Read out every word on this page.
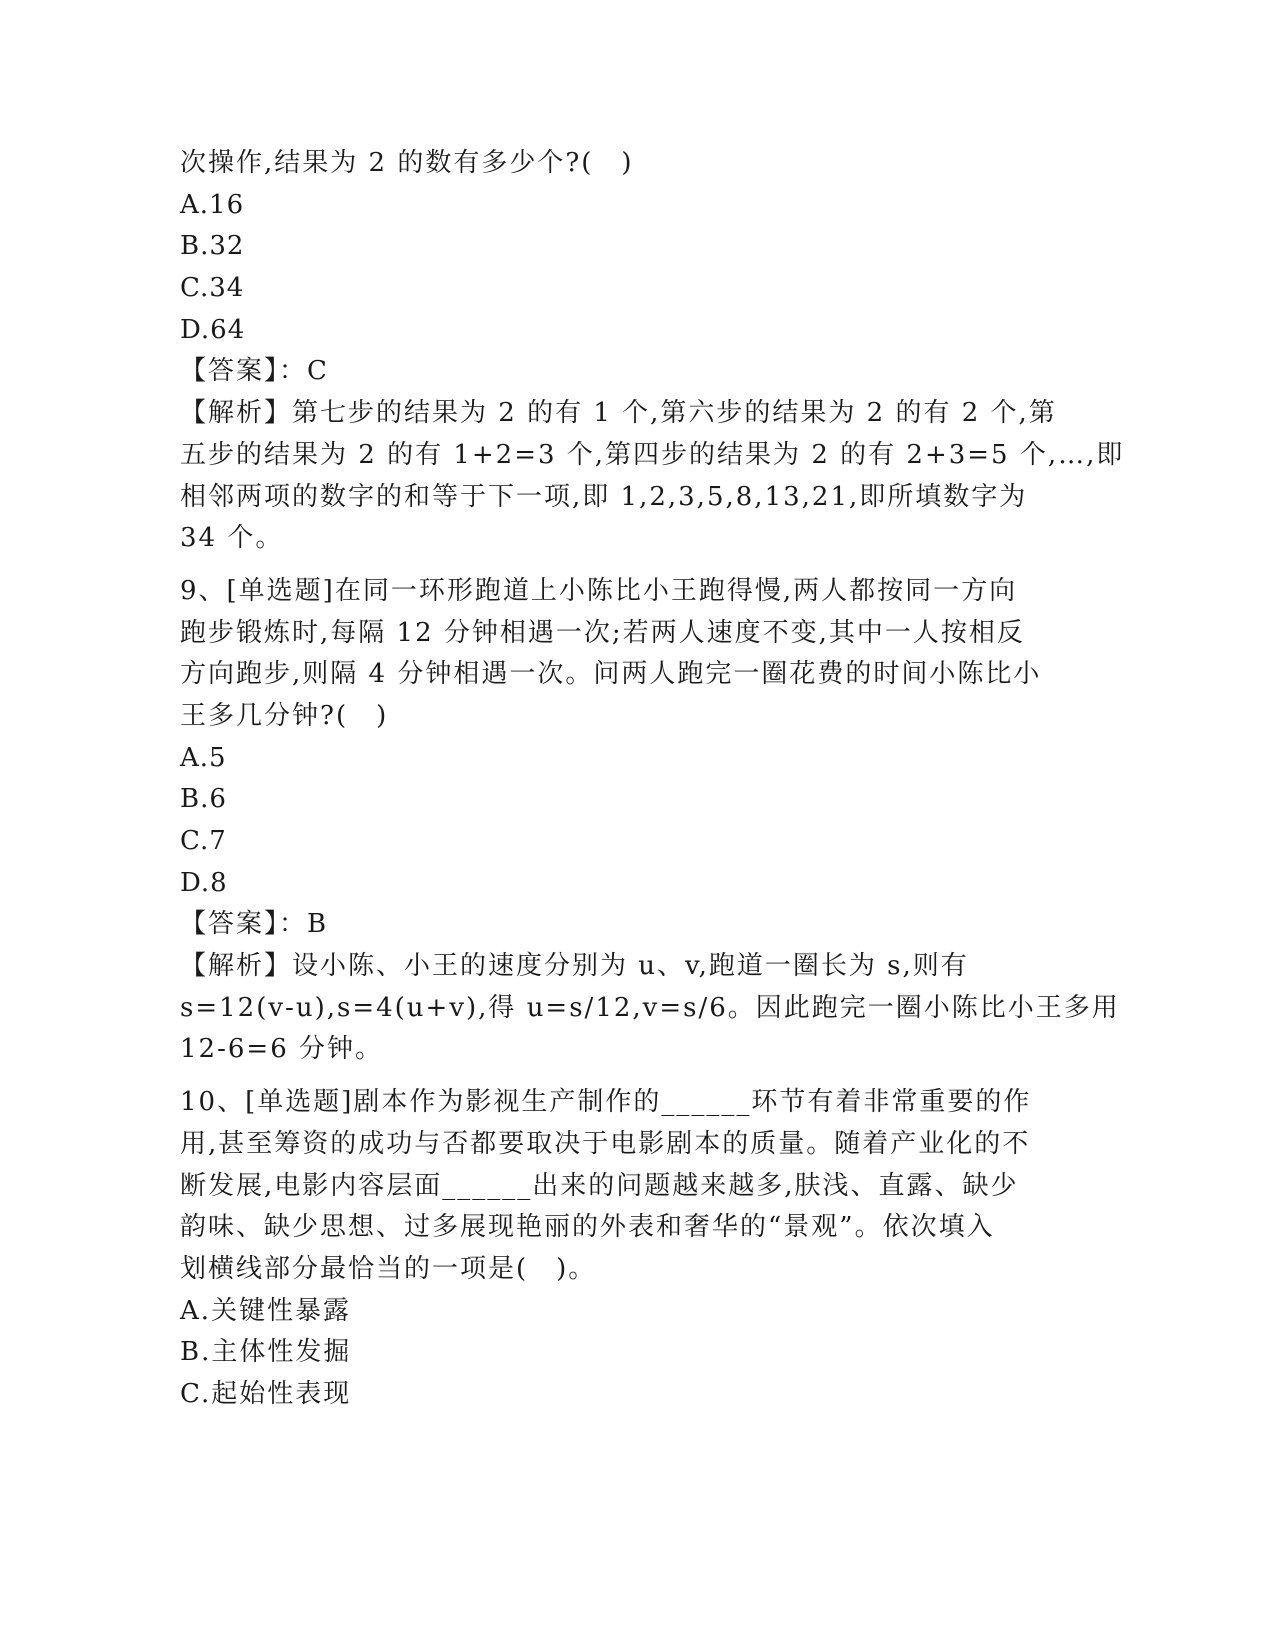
次操作,结果为 2 的数有多少个?(　)
A.16
B.32
C.34
D.64
【答案】：C
【解析】第七步的结果为 2 的有 1 个,第六步的结果为 2 的有 2 个,第
五步的结果为 2 的有 1+2=3 个,第四步的结果为 2 的有 2+3=5 个,…,即
相邻两项的数字的和等于下一项,即 1,2,3,5,8,13,21,即所填数字为
34 个。
9、[单选题]在同一环形跑道上小陈比小王跑得慢,两人都按同一方向
跑步锻炼时,每隔 12 分钟相遇一次;若两人速度不变,其中一人按相反
方向跑步,则隔 4 分钟相遇一次。问两人跑完一圈花费的时间小陈比小
王多几分钟?(　)
A.5
B.6
C.7
D.8
【答案】：B
【解析】设小陈、小王的速度分别为 u、v,跑道一圈长为 s,则有
s=12(v-u),s=4(u+v),得 u=s/12,v=s/6。因此跑完一圈小陈比小王多用
12-6=6 分钟。
10、[单选题]剧本作为影视生产制作的______环节有着非常重要的作
用,甚至筹资的成功与否都要取决于电影剧本的质量。随着产业化的不
断发展,电影内容层面______出来的问题越来越多,肤浅、直露、缺少
韵味、缺少思想、过多展现艳丽的外表和奢华的“景观”。依次填入
划横线部分最恰当的一项是(　)。
A.关键性暴露
B.主体性发掘
C.起始性表现
